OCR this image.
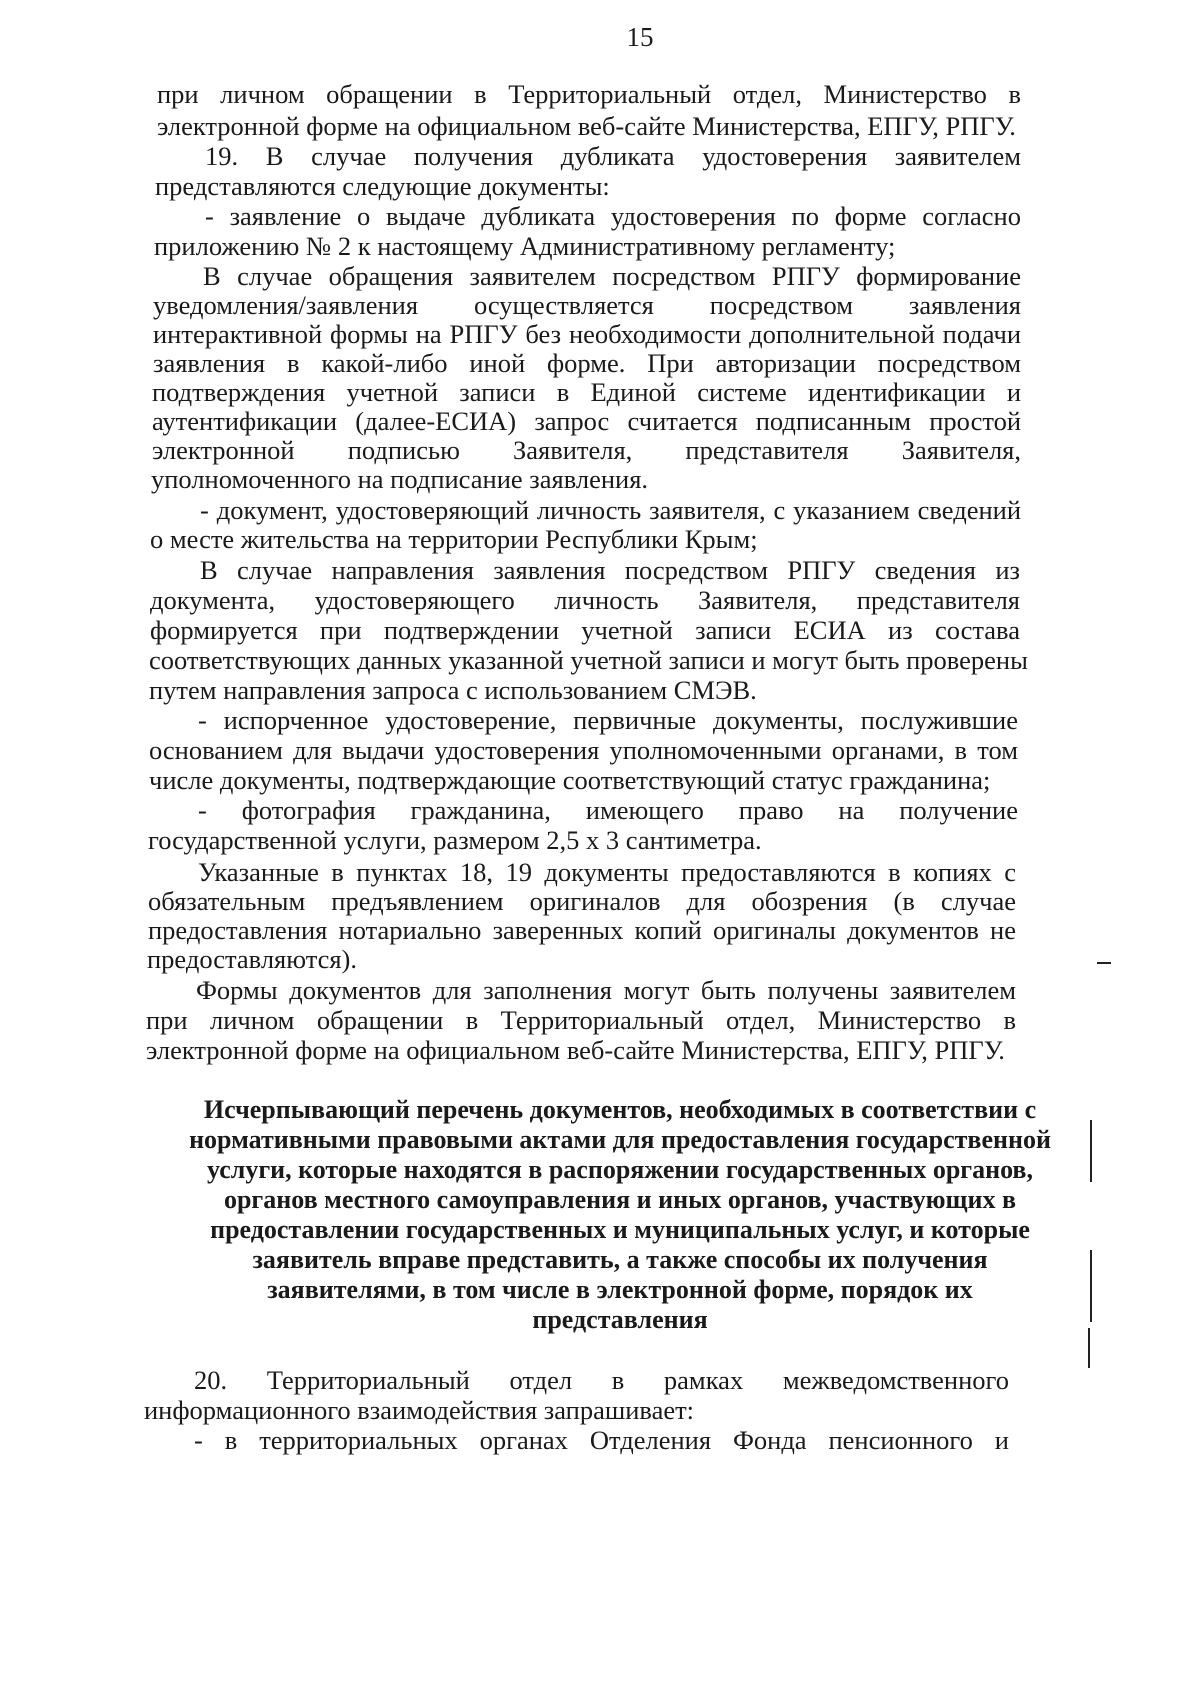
15
при личном обращении в Территориальный отдел, Министерство в
электронной форме на официальном веб-сайте Министерства, ЕПГУ, РПГУ.
19. В случае получения дубликата удостоверения заявителем
представляются следующие документы:
- заявление о выдаче дубликата удостоверения по форме согласно
приложению № 2 к настоящему Административному регламенту;
В случае обращения заявителем посредством РПГУ формирование
уведомления/заявления осуществляется посредством заявления
интерактивной формы на РПГУ без необходимости дополнительной подачи
заявления в какой-либо иной форме. При авторизации посредством
подтверждения учетной записи в Единой системе идентификации и
аутентификации (далее-ЕСИА) запрос считается подписанным простой
электронной подписью Заявителя, представителя Заявителя,
уполномоченного на подписание заявления.
- документ, удостоверяющий личность заявителя, с указанием сведений
о месте жительства на территории Республики Крым;
В случае направления заявления посредством РПГУ сведения из
документа, удостоверяющего личность Заявителя, представителя
формируется при подтверждении учетной записи ЕСИА из состава
соответствующих данных указанной учетной записи и могут быть проверены
путем направления запроса с использованием СМЭВ.
- испорченное удостоверение, первичные документы, послужившие
основанием для выдачи удостоверения уполномоченными органами, в том
числе документы, подтверждающие соответствующий статус гражданина;
- фотография гражданина, имеющего право на получение
государственной услуги, размером 2,5 х 3 сантиметра.
Указанные в пунктах 18, 19 документы предоставляются в копиях с
обязательным предъявлением оригиналов для обозрения (в случае
предоставления нотариально заверенных копий оригиналы документов не
предоставляются).
Формы документов для заполнения могут быть получены заявителем
при личном обращении в Территориальный отдел, Министерство в
электронной форме на официальном веб-сайте Министерства, ЕПГУ, РПГУ.
Исчерпывающий перечень документов, необходимых в соответствии с
нормативными правовыми актами для предоставления государственной
услуги, которые находятся в распоряжении государственных органов,
органов местного самоуправления и иных органов, участвующих в
предоставлении государственных и муниципальных услуг, и которые
заявитель вправе представить, а также способы их получения
заявителями, в том числе в электронной форме, порядок их
представления
20. Территориальный отдел в рамках межведомственного
информационного взаимодействия запрашивает:
- в территориальных органах Отделения Фонда пенсионного и
